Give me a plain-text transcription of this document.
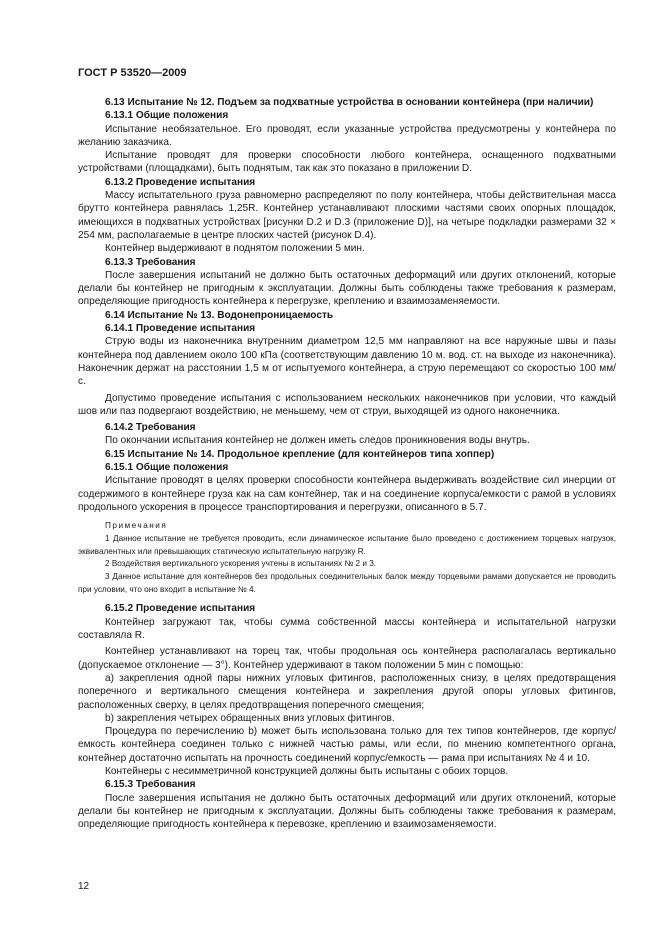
ГОСТ Р 53520—2009

6.13 Испытание № 12. Подъем за подхватные устройства в основании контейнера (при наличии)

6.13.1 Общие положения

Испытание необязательное. Его проводят, если указанные устройства предусмотрены у контейнера по желанию заказчика.

Испытание проводят для проверки способности любого контейнера, оснащенного подхватными устройствами (площадками), быть поднятым, так как это показано в приложении D.

6.13.2 Проведение испытания

Массу испытательного груза равномерно распределяют по полу контейнера, чтобы действительная масса брутто контейнера равнялась 1,25R. Контейнер устанавливают плоскими частями своих опорных площадок, имеющихся в подхватных устройствах [рисунки D.2 и D.3 (приложение D)], на четыре подкладки размерами 32 × 254 мм, располагаемые в центре плоских частей (рисунок D.4).

Контейнер выдерживают в поднятом положении 5 мин.

6.13.3 Требования

После завершения испытаний не должно быть остаточных деформаций или других отклонений, которые делали бы контейнер не пригодным к эксплуатации. Должны быть соблюдены также требования к размерам, определяющие пригодность контейнера к перегрузке, креплению и взаимозаменяемости.

6.14 Испытание № 13. Водонепроницаемость

6.14.1 Проведение испытания

Струю воды из наконечника внутренним диаметром 12,5 мм направляют на все наружные швы и пазы контейнера под давлением около 100 кПа (соответствующим давлению 10 м. вод. ст. на выходе из наконечника). Наконечник держат на расстоянии 1,5 м от испытуемого контейнера, а струю перемещают со скоростью 100 мм/с.

Допустимо проведение испытания с использованием нескольких наконечников при условии, что каждый шов или паз подвергают воздействию, не меньшему, чем от струи, выходящей из одного наконечника.

6.14.2 Требования

По окончании испытания контейнер не должен иметь следов проникновения воды внутрь.

6.15 Испытание № 14. Продольное крепление (для контейнеров типа хоппер)

6.15.1 Общие положения

Испытание проводят в целях проверки способности контейнера выдерживать воздействие сил инерции от содержимого в контейнере груза как на сам контейнер, так и на соединение корпуса/емкости с рамой в условиях продольного ускорения в процессе транспортирования и перегрузки, описанного в 5.7.

Примечания

1 Данное испытание не требуется проводить, если динамическое испытание было проведено с достижением торцевых нагрузок, эквивалентных или превышающих статическую испытательную нагрузку R.

2 Воздействия вертикального ускорения учтены в испытаниях № 2 и 3.

3 Данное испытание для контейнеров без продольных соединительных балок между торцевыми рамами допускается не проводить при условии, что оно входит в испытание № 4.

6.15.2 Проведение испытания

Контейнер загружают так, чтобы сумма собственной массы контейнера и испытательной нагрузки составляла R.

Контейнер устанавливают на торец так, чтобы продольная ось контейнера располагалась вертикально (допускаемое отклонение — 3°). Контейнер удерживают в таком положении 5 мин с помощью:

a) закрепления одной пары нижних угловых фитингов, расположенных снизу, в целях предотвращения поперечного и вертикального смещения контейнера и закрепления другой опоры угловых фитингов, расположенных сверху, в целях предотвращения поперечного смещения;

b) закрепления четырех обращенных вниз угловых фитингов.

Процедура по перечислению b) может быть использована только для тех типов контейнеров, где корпус/емкость контейнера соединен только с нижней частью рамы, или если, по мнению компетентного органа, контейнер достаточно испытать на прочность соединений корпус/емкость — рама при испытаниях № 4 и 10.

Контейнеры с несимметричной конструкцией должны быть испытаны с обоих торцов.

6.15.3 Требования

После завершения испытания не должно быть остаточных деформаций или других отклонений, которые делали бы контейнер не пригодным к эксплуатации. Должны быть соблюдены также требования к размерам, определяющие пригодность контейнера к перевозке, креплению и взаимозаменяемости.

12
